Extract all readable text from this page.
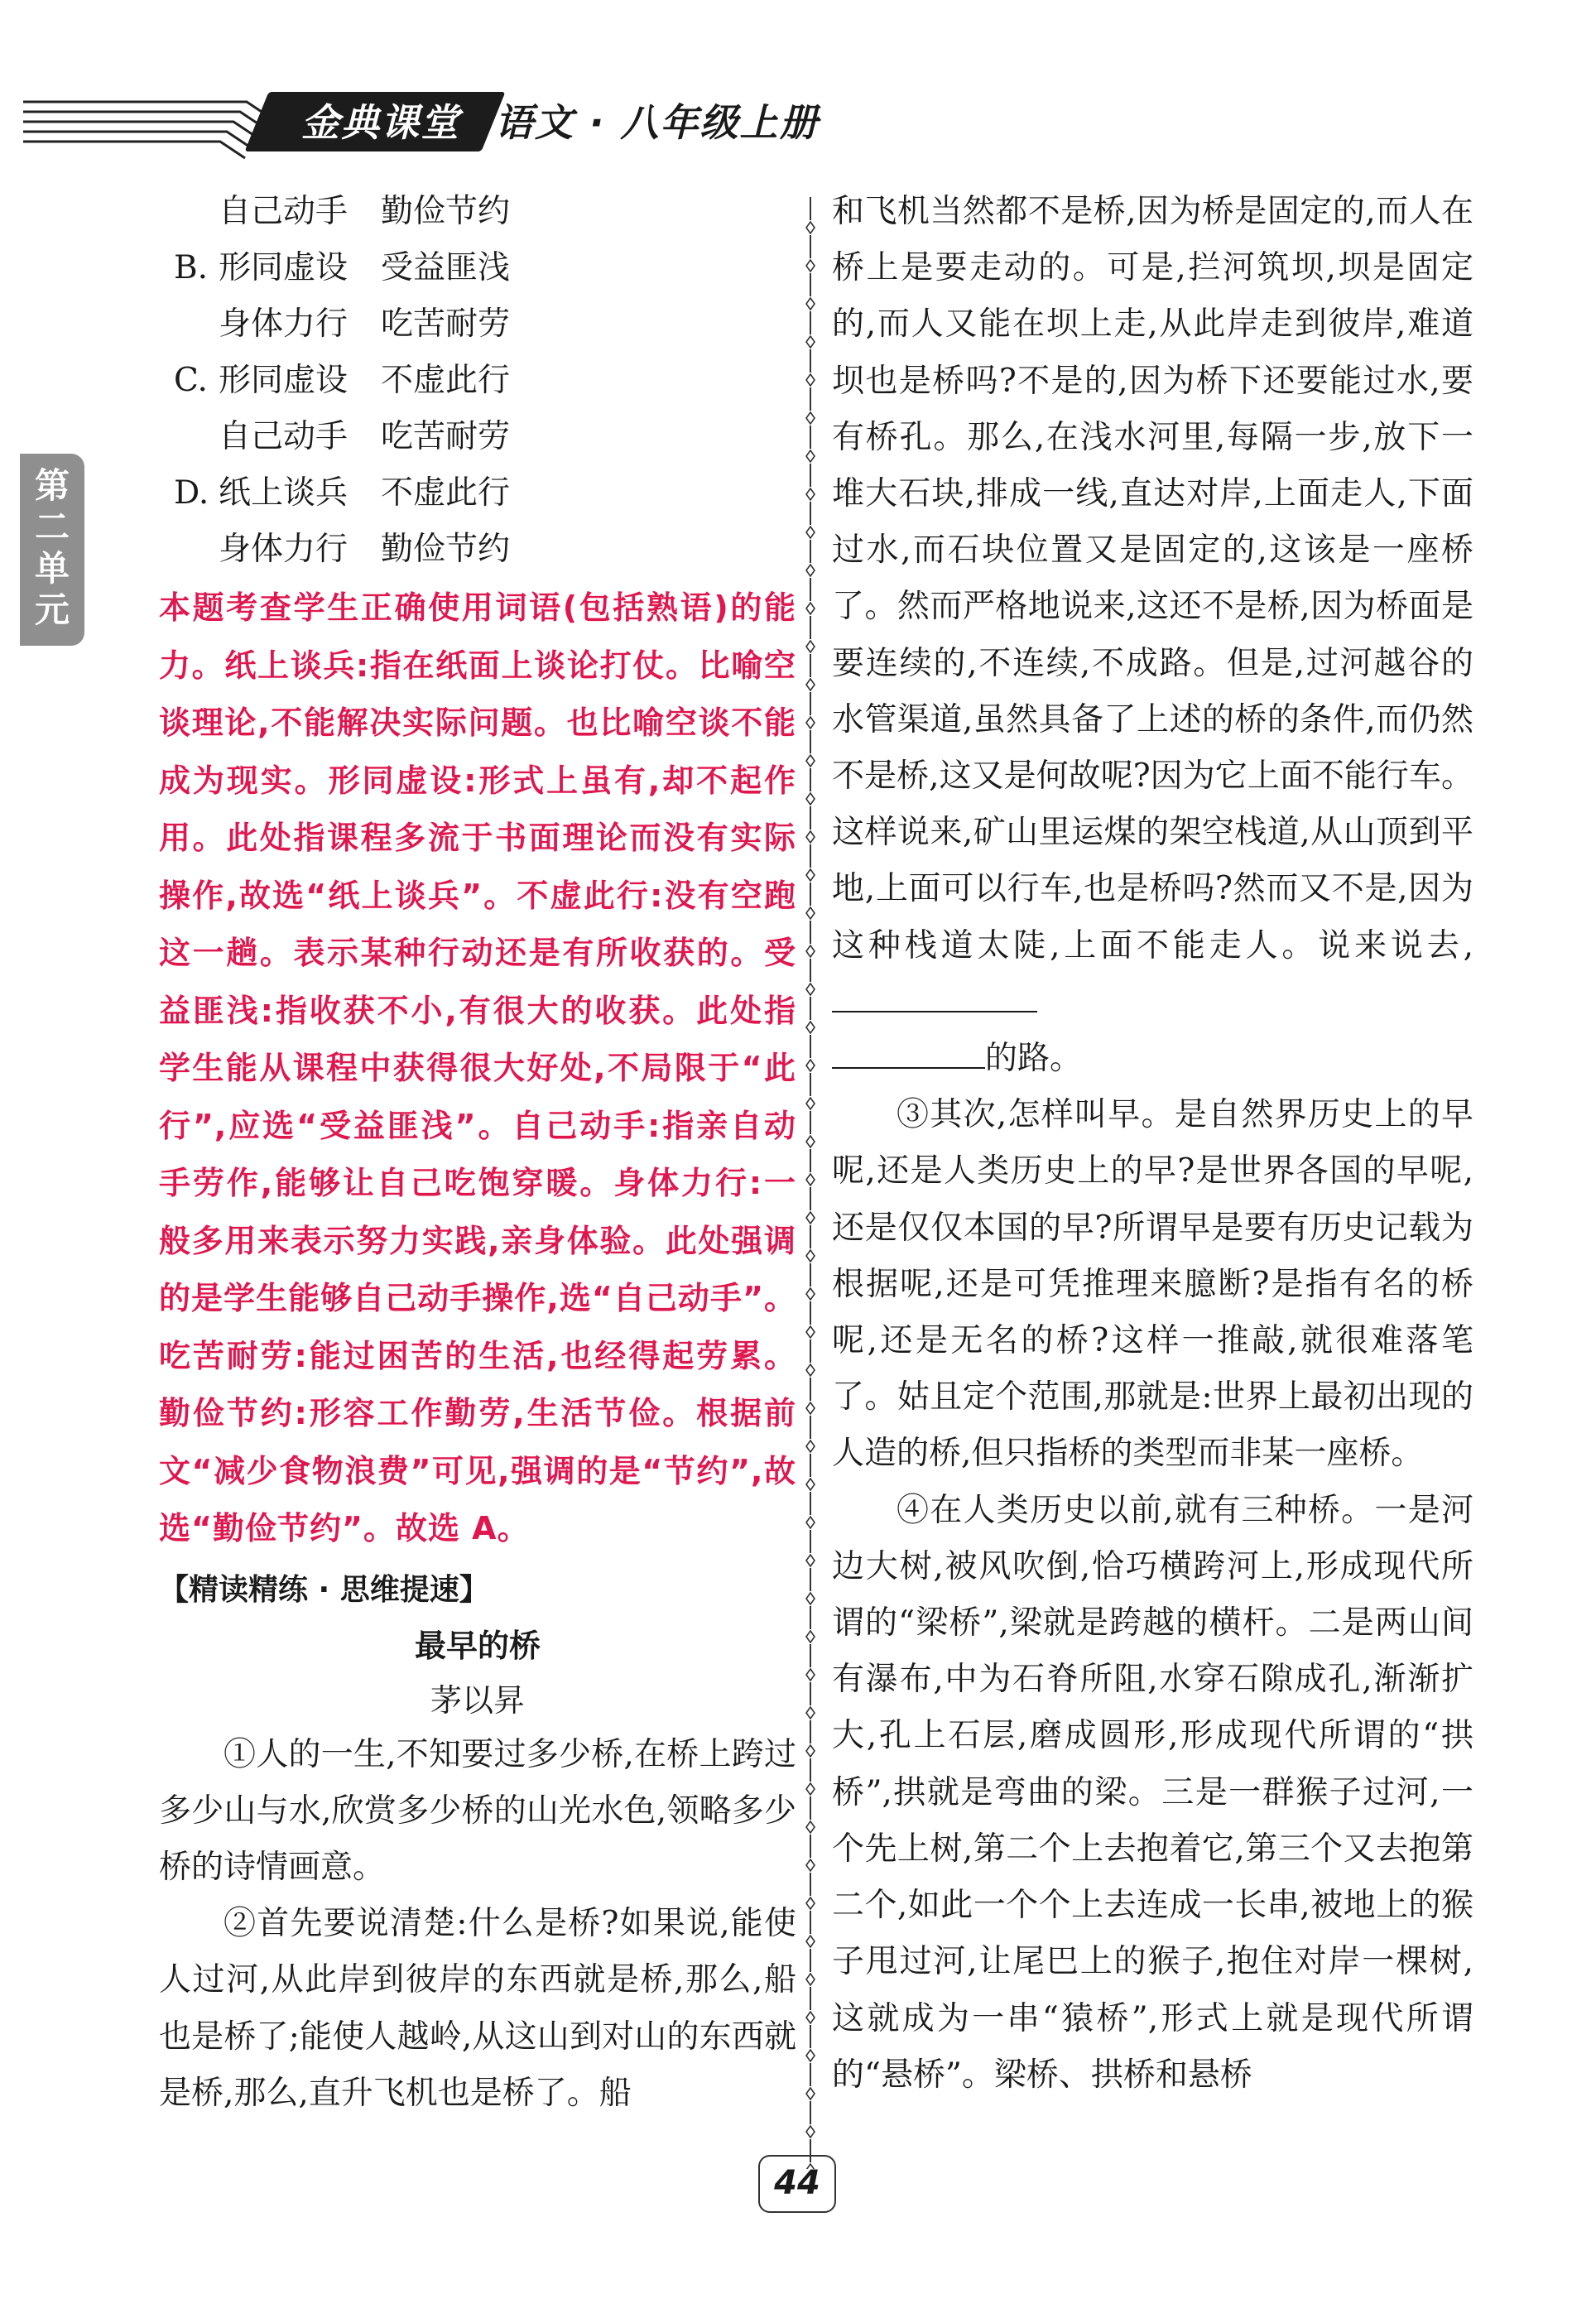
金典课堂 语文 · 八年级上册
第
二
单
元
自己动手 勤俭节约
B. 形同虚设 受益匪浅
身体力行 吃苦耐劳
C. 形同虚设 不虚此行
自己动手 吃苦耐劳
D. 纸上谈兵 不虚此行
身体力行 勤俭节约
本题考查学生正确使用词语(包括熟语)的能力。纸上谈兵:指在纸面上谈论打仗。比喻空谈理论,不能解决实际问题。也比喻空谈不能成为现实。形同虚设:形式上虽有,却不起作用。此处指课程多流于书面理论而没有实际操作,故选“纸上谈兵”。不虚此行:没有空跑这一趟。表示某种行动还是有所收获的。受益匪浅:指收获不小,有很大的收获。此处指学生能从课程中获得很大好处,不局限于“此行”,应选“受益匪浅”。自己动手:指亲自动手劳作,能够让自己吃饱穿暖。身体力行:一般多用来表示努力实践,亲身体验。此处强调的是学生能够自己动手操作,选“自己动手”。吃苦耐劳:能过困苦的生活,也经得起劳累。勤俭节约:形容工作勤劳,生活节俭。根据前文“减少食物浪费”可见,强调的是“节约”,故选“勤俭节约”。故选 A。
【精读精练 · 思维提速】
最早的桥
茅以昇

①人的一生,不知要过多少桥,在桥上跨过多少山与水,欣赏多少桥的山光水色,领略多少桥的诗情画意。

②首先要说清楚:什么是桥?如果说,能使人过河,从此岸到彼岸的东西就是桥,那么,船也是桥了;能使人越岭,从这山到对山的东西就是桥,那么,直升飞机也是桥了。船

和飞机当然都不是桥,因为桥是固定的,而人在桥上是要走动的。可是,拦河筑坝,坝是固定的,而人又能在坝上走,从此岸走到彼岸,难道坝也是桥吗?不是的,因为桥下还要能过水,要有桥孔。那么,在浅水河里,每隔一步,放下一堆大石块,排成一线,直达对岸,上面走人,下面过水,而石块位置又是固定的,这该是一座桥了。然而严格地说来,这还不是桥,因为桥面是要连续的,不连续,不成路。但是,过河越谷的水管渠道,虽然具备了上述的桥的条件,而仍然不是桥,这又是何故呢?因为它上面不能行车。这样说来,矿山里运煤的架空栈道,从山顶到平地,上面可以行车,也是桥吗?然而又不是,因为这种栈道太陡,上面不能走人。说来说去,
的路。

③其次,怎样叫早。是自然界历史上的早呢,还是人类历史上的早?是世界各国的早呢,还是仅仅本国的早?所谓早是要有历史记载为根据呢,还是可凭推理来臆断?是指有名的桥呢,还是无名的桥?这样一推敲,就很难落笔了。姑且定个范围,那就是:世界上最初出现的人造的桥,但只指桥的类型而非某一座桥。

④在人类历史以前,就有三种桥。一是河边大树,被风吹倒,恰巧横跨河上,形成现代所谓的“梁桥”,梁就是跨越的横杆。二是两山间有瀑布,中为石脊所阻,水穿石隙成孔,渐渐扩大,孔上石层,磨成圆形,形成现代所谓的“拱桥”,拱就是弯曲的梁。三是一群猴子过河,一个先上树,第二个上去抱着它,第三个又去抱第二个,如此一个个上去连成一长串,被地上的猴子甩过河,让尾巴上的猴子,抱住对岸一棵树,这就成为一串“猿桥”,形式上就是现代所谓的“悬桥”。梁桥、拱桥和悬桥

44
